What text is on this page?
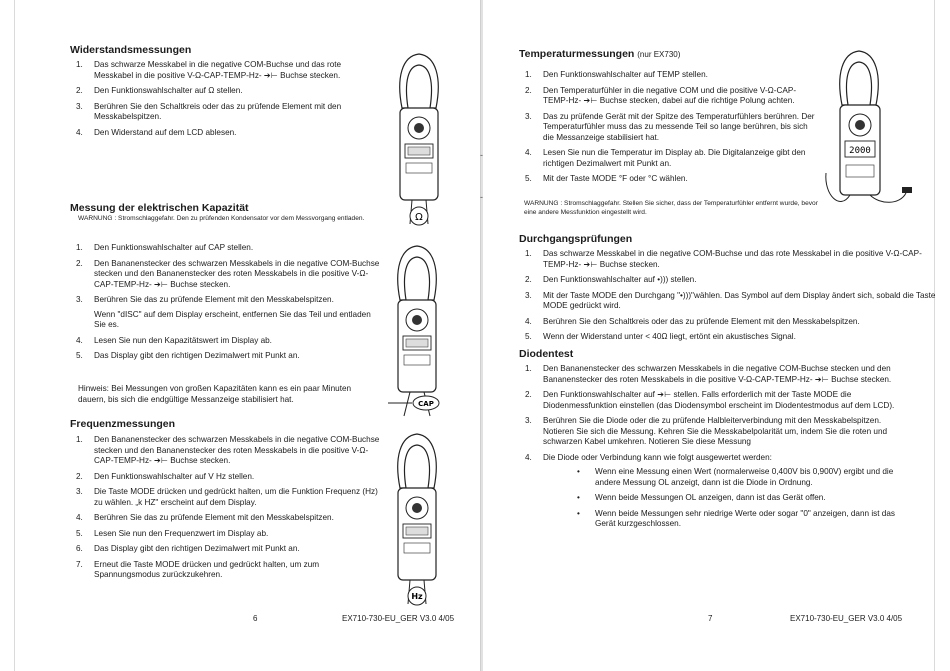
Widerstandsmessungen
1. Das schwarze Messkabel in die negative COM-Buchse und das rote Messkabel in die positive V-Ω-CAP-TEMP-Hz- ➔⊢ Buchse stecken.
2. Den Funktionswahlschalter auf Ω stellen.
3. Berühren Sie den Schaltkreis oder das zu prüfende Element mit den Messkabelspitzen.
4. Den Widerstand auf dem LCD ablesen.
Messung der elektrischen Kapazität

WARNUNG : Stromschlaggefahr. Den zu prüfenden Kondensator vor dem Messvorgang entladen.

1. Den Funktionswahlschalter auf CAP stellen.
2. Den Bananenstecker des schwarzen Messkabels in die negative COM-Buchse stecken und den Bananenstecker des roten Messkabels in die positive V-Ω-CAP-TEMP-Hz- ➔⊢ Buchse stecken.
3. Berühren Sie das zu prüfende Element mit den Messkabelspitzen.
Wenn "dISC" auf dem Display erscheint, entfernen Sie das Teil und entladen Sie es.
4. Lesen Sie nun den Kapazitätswert im Display ab.
5. Das Display gibt den richtigen Dezimalwert mit Punkt an.

Hinweis: Bei Messungen von großen Kapazitäten kann es ein paar Minuten dauern, bis sich die endgültige Messanzeige stabilisiert hat.

Frequenzmessungen
1. Den Bananenstecker des schwarzen Messkabels in die negative COM-Buchse stecken und den Bananenstecker des roten Messkabels in die positive V-Ω-CAP-TEMP-Hz- ➔⊢ Buchse stecken.
2. Den Funktionswahlschalter auf V Hz stellen.
3. Die Taste MODE drücken und gedrückt halten, um die Funktion Frequenz (Hz) zu wählen. „k HZ" erscheint auf dem Display.
4. Berühren Sie das zu prüfende Element mit den Messkabelspitzen.
5. Lesen Sie nun den Frequenzwert im Display ab.
6. Das Display gibt den richtigen Dezimalwert mit Punkt an.
7. Erneut die Taste MODE drücken und gedrückt halten, um zum Spannungsmodus zurückzukehren.
Ω
CAP
Hz

6	EX710-730-EU_GER V3.0 4/05

-
-
Temperaturmessungen (nur EX730)
1. Den Funktionswahlschalter auf TEMP stellen.
2. Den Temperaturfühler in die negative COM und die positive V-Ω-CAP-TEMP-Hz- ➔⊢ Buchse stecken, dabei auf die richtige Polung achten.
3. Das zu prüfende Gerät mit der Spitze des Temperaturfühlers berühren. Der Temperaturfühler muss das zu messende Teil so lange berühren, bis sich die Messanzeige stabilisiert hat.
4. Lesen Sie nun die Temperatur im Display ab. Die Digitalanzeige gibt den richtigen Dezimalwert mit Punkt an.
5. Mit der Taste MODE °F oder °C wählen.

WARNUNG : Stromschlaggefahr. Stellen Sie sicher, dass der Temperaturfühler entfernt wurde, bevor eine andere Messfunktion eingestellt wird.

2000
Durchgangsprüfungen
1. Das schwarze Messkabel in die negative COM-Buchse und das rote Messkabel in die positive V-Ω-CAP-TEMP-Hz- ➔⊢ Buchse stecken.
2. Den Funktionswahlschalter auf •))) stellen.
3. Mit der Taste MODE den Durchgang "•)))"wählen. Das Symbol auf dem Display ändert sich, sobald die Taste MODE gedrückt wird.
4. Berühren Sie den Schaltkreis oder das zu prüfende Element mit den Messkabelspitzen.
5. Wenn der Widerstand unter < 40Ω liegt, ertönt ein akustisches Signal.
Diodentest
1. Den Bananenstecker des schwarzen Messkabels in die negative COM-Buchse stecken und den Bananenstecker des roten Messkabels in die positive V-Ω-CAP-TEMP-Hz- ➔⊢ Buchse stecken.
2. Den Funktionswahlschalter auf ➔⊢ stellen. Falls erforderlich mit der Taste MODE die Diodenmessfunktion einstellen (das Diodensymbol erscheint im Diodentestmodus auf dem LCD).
3. Berühren Sie die Diode oder die zu prüfende Halbleiterverbindung mit den Messkabelspitzen. Notieren Sie sich die Messung. Kehren Sie die Messkabelpolarität um, indem Sie die roten und schwarzen Kabel umkehren. Notieren Sie diese Messung
4. Die Diode oder Verbindung kann wie folgt ausgewertet werden:
• Wenn eine Messung einen Wert (normalerweise 0,400V bis 0,900V) ergibt und die andere Messung OL anzeigt, dann ist die Diode in Ordnung.
• Wenn beide Messungen OL anzeigen, dann ist das Gerät offen.
• Wenn beide Messungen sehr niedrige Werte oder sogar "0" anzeigen, dann ist das Gerät kurzgeschlossen.

7	EX710-730-EU_GER V3.0 4/05
